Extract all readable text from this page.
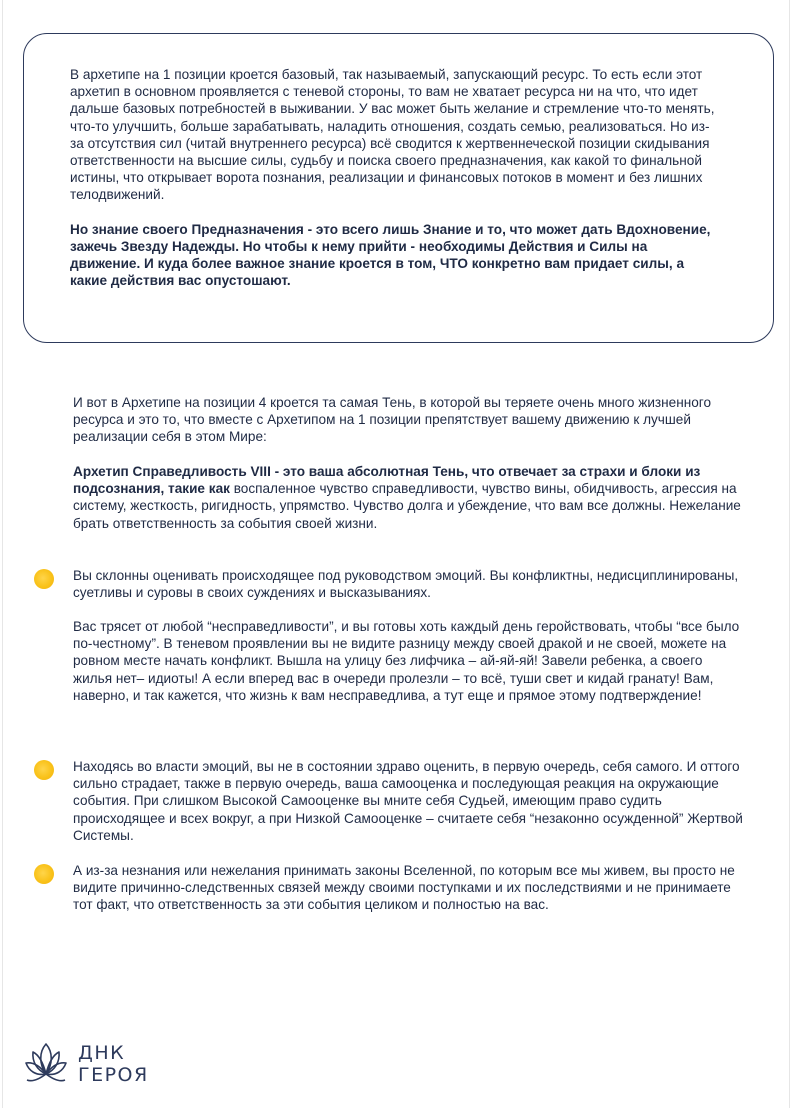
В архетипе на 1 позиции кроется базовый, так называемый, запускающий ресурс. То есть если этот архетип в основном проявляется с теневой стороны, то вам не хватает ресурса ни на что, что идет дальше базовых потребностей в выживании. У вас может быть желание и стремление что-то менять, что-то улучшить, больше зарабатывать, наладить отношения, создать семью, реализоваться. Но из-за отсутствия сил (читай внутреннего ресурса) всё сводится к жертвеннеческой позиции скидывания ответственности на высшие силы, судьбу и поиска своего предназначения, как какой то финальной истины, что открывает ворота познания, реализации и финансовых потоков в момент и без лишних телодвижений.

Но знание своего Предназначения - это всего лишь Знание и то, что может дать Вдохновение, зажечь Звезду Надежды. Но чтобы к нему прийти - необходимы Действия и Силы на движение. И куда более важное знание кроется в том, ЧТО конкретно вам придает силы, а какие действия вас опустошают.

И вот в Архетипе на позиции 4 кроется та самая Тень, в которой вы теряете очень много жизненного ресурса и это то, что вместе с Архетипом на 1 позиции препятствует вашему движению к лучшей реализации себя в этом Мире:

Архетип Справедливость VIII - это ваша абсолютная Тень, что отвечает за страхи и блоки из подсознания, такие как воспаленное чувство справедливости, чувство вины, обидчивость, агрессия на систему, жесткость, ригидность, упрямство. Чувство долга и убеждение, что вам все должны. Нежелание брать ответственность за события своей жизни.

Вы склонны оценивать происходящее под руководством эмоций. Вы конфликтны, недисциплинированы, суетливы и суровы в своих суждениях и высказываниях.

Вас трясет от любой “несправедливости”, и вы готовы хоть каждый день геройствовать, чтобы “все было по-честному”. В теневом проявлении вы не видите разницу между своей дракой и не своей, можете на ровном месте начать конфликт. Вышла на улицу без лифчика – ай-яй-яй! Завели ребенка, а своего жилья нет– идиоты! А если вперед вас в очереди пролезли – то всё, туши свет и кидай гранату! Вам, наверно, и так кажется, что жизнь к вам несправедлива, а тут еще и прямое этому подтверждение!

Находясь во власти эмоций, вы не в состоянии здраво оценить, в первую очередь, себя самого. И оттого сильно страдает, также в первую очередь, ваша самооценка и последующая реакция на окружающие события. При слишком Высокой Самооценке вы мните себя Судьей, имеющим право судить происходящее и всех вокруг, а при Низкой Самооценке – считаете себя “незаконно осужденной” Жертвой Системы.

А из-за незнания или нежелания принимать законы Вселенной, по которым все мы живем, вы просто не видите причинно-следственных связей между своими поступками и их последствиями и не принимаете тот факт, что ответственность за эти события целиком и полностью на вас.

ДНК
ГЕРОЯ
